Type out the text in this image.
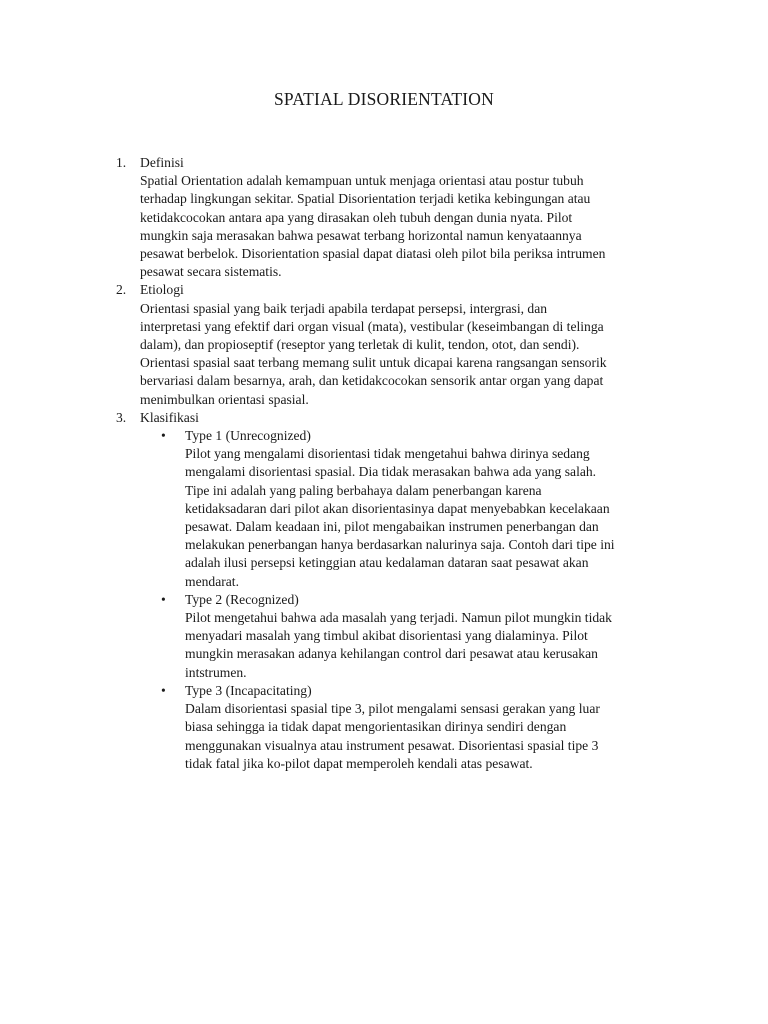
SPATIAL DISORIENTATION
1. Definisi
Spatial Orientation adalah kemampuan untuk menjaga orientasi atau postur tubuh
terhadap lingkungan sekitar. Spatial Disorientation terjadi ketika kebingungan atau
ketidakcocokan antara apa yang dirasakan oleh tubuh dengan dunia nyata. Pilot
mungkin saja merasakan bahwa pesawat terbang horizontal namun kenyataannya
pesawat berbelok. Disorientation spasial dapat diatasi oleh pilot bila periksa intrumen
pesawat secara sistematis.
2. Etiologi
Orientasi spasial yang baik terjadi apabila terdapat persepsi, intergrasi, dan
interpretasi yang efektif dari organ visual (mata), vestibular (keseimbangan di telinga
dalam), dan propioseptif (reseptor yang terletak di kulit, tendon, otot, dan sendi).
Orientasi spasial saat terbang memang sulit untuk dicapai karena rangsangan sensorik
bervariasi dalam besarnya, arah, dan ketidakcocokan sensorik antar organ yang dapat
menimbulkan orientasi spasial.
3. Klasifikasi
• Type 1 (Unrecognized)
Pilot yang mengalami disorientasi tidak mengetahui bahwa dirinya sedang
mengalami disorientasi spasial. Dia tidak merasakan bahwa ada yang salah.
Tipe ini adalah yang paling berbahaya dalam penerbangan karena
ketidaksadaran dari pilot akan disorientasinya dapat menyebabkan kecelakaan
pesawat. Dalam keadaan ini, pilot mengabaikan instrumen penerbangan dan
melakukan penerbangan hanya berdasarkan nalurinya saja. Contoh dari tipe ini
adalah ilusi persepsi ketinggian atau kedalaman dataran saat pesawat akan
mendarat.
• Type 2 (Recognized)
Pilot mengetahui bahwa ada masalah yang terjadi. Namun pilot mungkin tidak
menyadari masalah yang timbul akibat disorientasi yang dialaminya. Pilot
mungkin merasakan adanya kehilangan control dari pesawat atau kerusakan
intstrumen.
• Type 3 (Incapacitating)
Dalam disorientasi spasial tipe 3, pilot mengalami sensasi gerakan yang luar
biasa sehingga ia tidak dapat mengorientasikan dirinya sendiri dengan
menggunakan visualnya atau instrument pesawat. Disorientasi spasial tipe 3
tidak fatal jika ko-pilot dapat memperoleh kendali atas pesawat.
